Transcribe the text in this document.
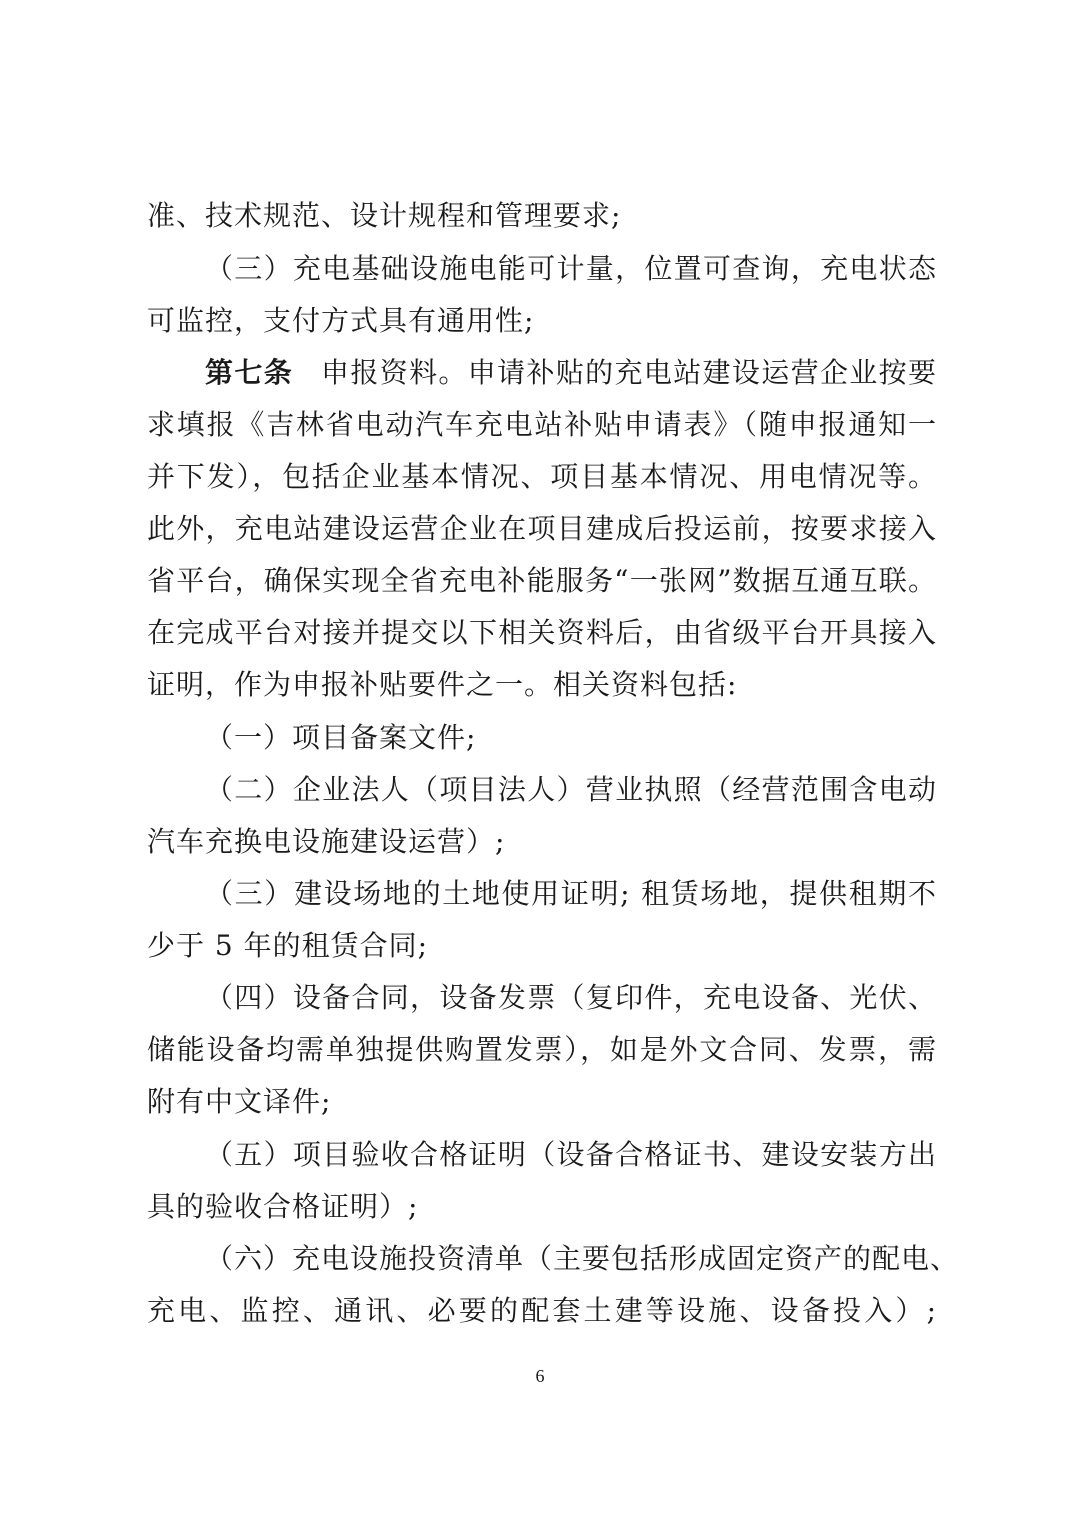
准、技术规范、设计规程和管理要求;
（三）充电基础设施电能可计量，位置可查询，充电状态
可监控，支付方式具有通用性;
第七条 申报资料。申请补贴的充电站建设运营企业按要
求填报《吉林省电动汽车充电站补贴申请表》（随申报通知一
并下发），包括企业基本情况、项目基本情况、用电情况等。
此外，充电站建设运营企业在项目建成后投运前，按要求接入
省平台，确保实现全省充电补能服务“一张网”数据互通互联。
在完成平台对接并提交以下相关资料后，由省级平台开具接入
证明，作为申报补贴要件之一。相关资料包括:
（一）项目备案文件;
（二）企业法人（项目法人）营业执照（经营范围含电动
汽车充换电设施建设运营）;
（三）建设场地的土地使用证明; 租赁场地，提供租期不
少于 5 年的租赁合同;
（四）设备合同，设备发票（复印件，充电设备、光伏、
储能设备均需单独提供购置发票），如是外文合同、发票，需
附有中文译件;
（五）项目验收合格证明（设备合格证书、建设安装方出
具的验收合格证明）;
（六）充电设施投资清单（主要包括形成固定资产的配电、
充电、监控、通讯、必要的配套土建等设施、设备投入）;
6
